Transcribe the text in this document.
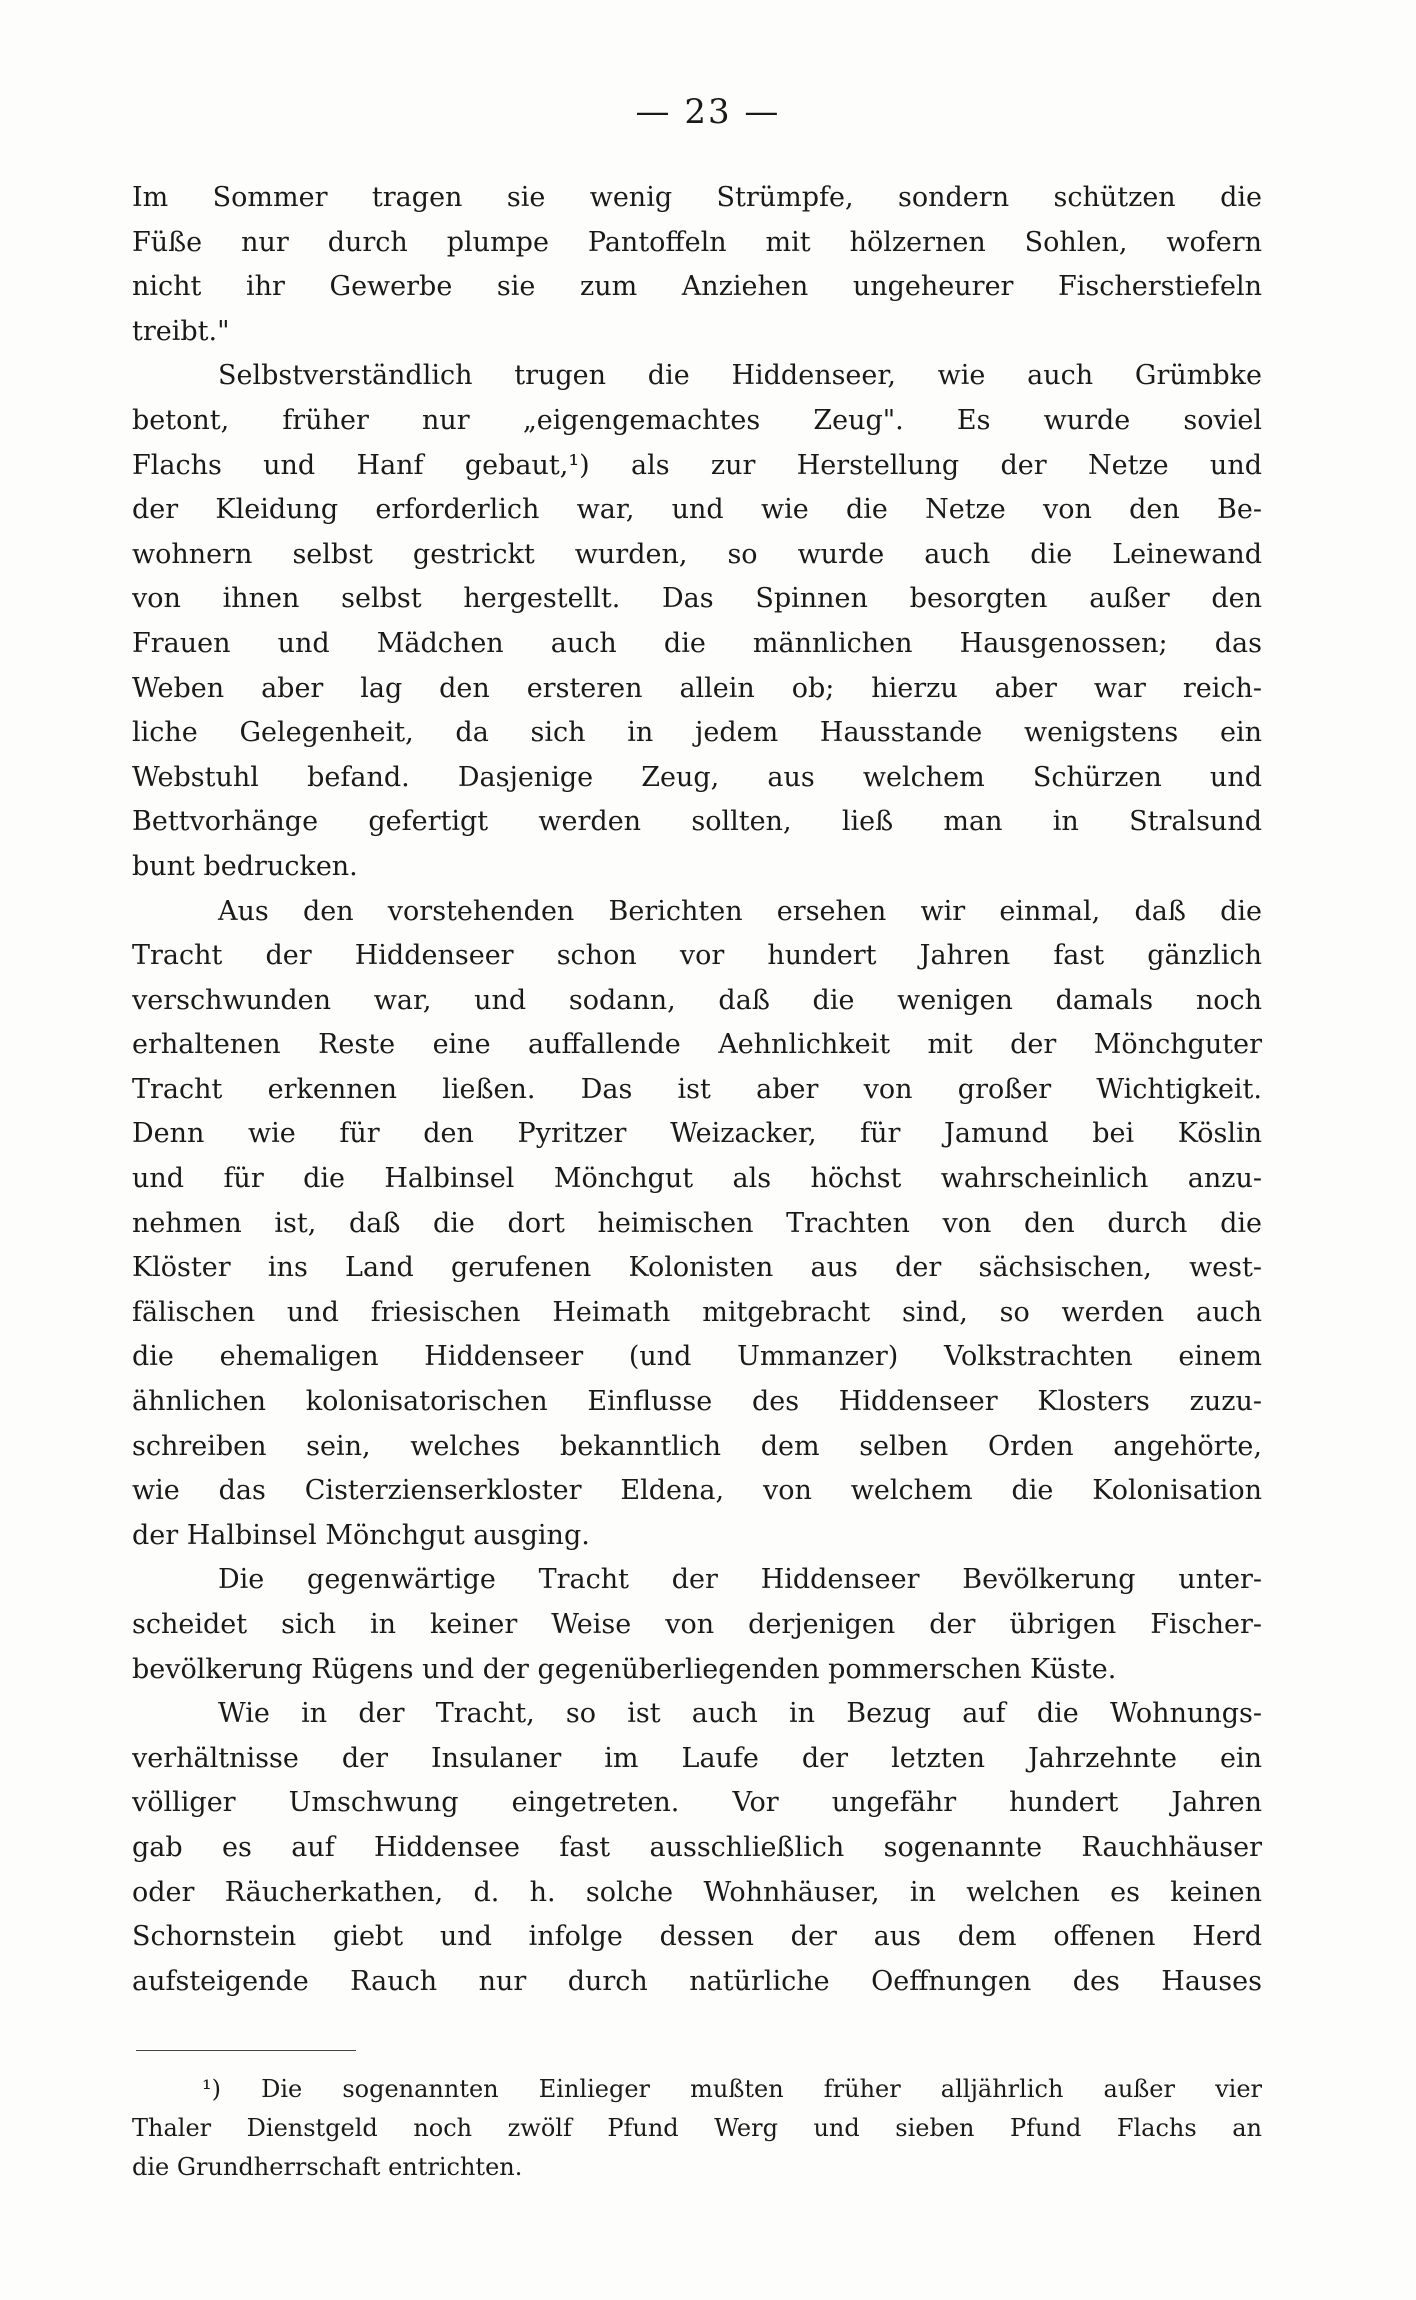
— 23 —
Im Sommer tragen sie wenig Strümpfe, sondern schützen die
Füße nur durch plumpe Pantoffeln mit hölzernen Sohlen, wofern
nicht ihr Gewerbe sie zum Anziehen ungeheurer Fischerstiefeln
treibt."
Selbstverständlich trugen die Hiddenseer, wie auch Grümbke
betont, früher nur „eigengemachtes Zeug". Es wurde soviel
Flachs und Hanf gebaut,¹) als zur Herstellung der Netze und
der Kleidung erforderlich war, und wie die Netze von den Be-
wohnern selbst gestrickt wurden, so wurde auch die Leinewand
von ihnen selbst hergestellt. Das Spinnen besorgten außer den
Frauen und Mädchen auch die männlichen Hausgenossen; das
Weben aber lag den ersteren allein ob; hierzu aber war reich-
liche Gelegenheit, da sich in jedem Hausstande wenigstens ein
Webstuhl befand. Dasjenige Zeug, aus welchem Schürzen und
Bettvorhänge gefertigt werden sollten, ließ man in Stralsund
bunt bedrucken.
Aus den vorstehenden Berichten ersehen wir einmal, daß die
Tracht der Hiddenseer schon vor hundert Jahren fast gänzlich
verschwunden war, und sodann, daß die wenigen damals noch
erhaltenen Reste eine auffallende Aehnlichkeit mit der Mönchguter
Tracht erkennen ließen. Das ist aber von großer Wichtigkeit.
Denn wie für den Pyritzer Weizacker, für Jamund bei Köslin
und für die Halbinsel Mönchgut als höchst wahrscheinlich anzu-
nehmen ist, daß die dort heimischen Trachten von den durch die
Klöster ins Land gerufenen Kolonisten aus der sächsischen, west-
fälischen und friesischen Heimath mitgebracht sind, so werden auch
die ehemaligen Hiddenseer (und Ummanzer) Volkstrachten einem
ähnlichen kolonisatorischen Einflusse des Hiddenseer Klosters zuzu-
schreiben sein, welches bekanntlich dem selben Orden angehörte,
wie das Cisterzienserkloster Eldena, von welchem die Kolonisation
der Halbinsel Mönchgut ausging.
Die gegenwärtige Tracht der Hiddenseer Bevölkerung unter-
scheidet sich in keiner Weise von derjenigen der übrigen Fischer-
bevölkerung Rügens und der gegenüberliegenden pommerschen Küste.
Wie in der Tracht, so ist auch in Bezug auf die Wohnungs-
verhältnisse der Insulaner im Laufe der letzten Jahrzehnte ein
völliger Umschwung eingetreten. Vor ungefähr hundert Jahren
gab es auf Hiddensee fast ausschließlich sogenannte Rauchhäuser
oder Räucherkathen, d. h. solche Wohnhäuser, in welchen es keinen
Schornstein giebt und infolge dessen der aus dem offenen Herd
aufsteigende Rauch nur durch natürliche Oeffnungen des Hauses
¹) Die sogenannten Einlieger mußten früher alljährlich außer vier
Thaler Dienstgeld noch zwölf Pfund Werg und sieben Pfund Flachs an
die Grundherrschaft entrichten.
